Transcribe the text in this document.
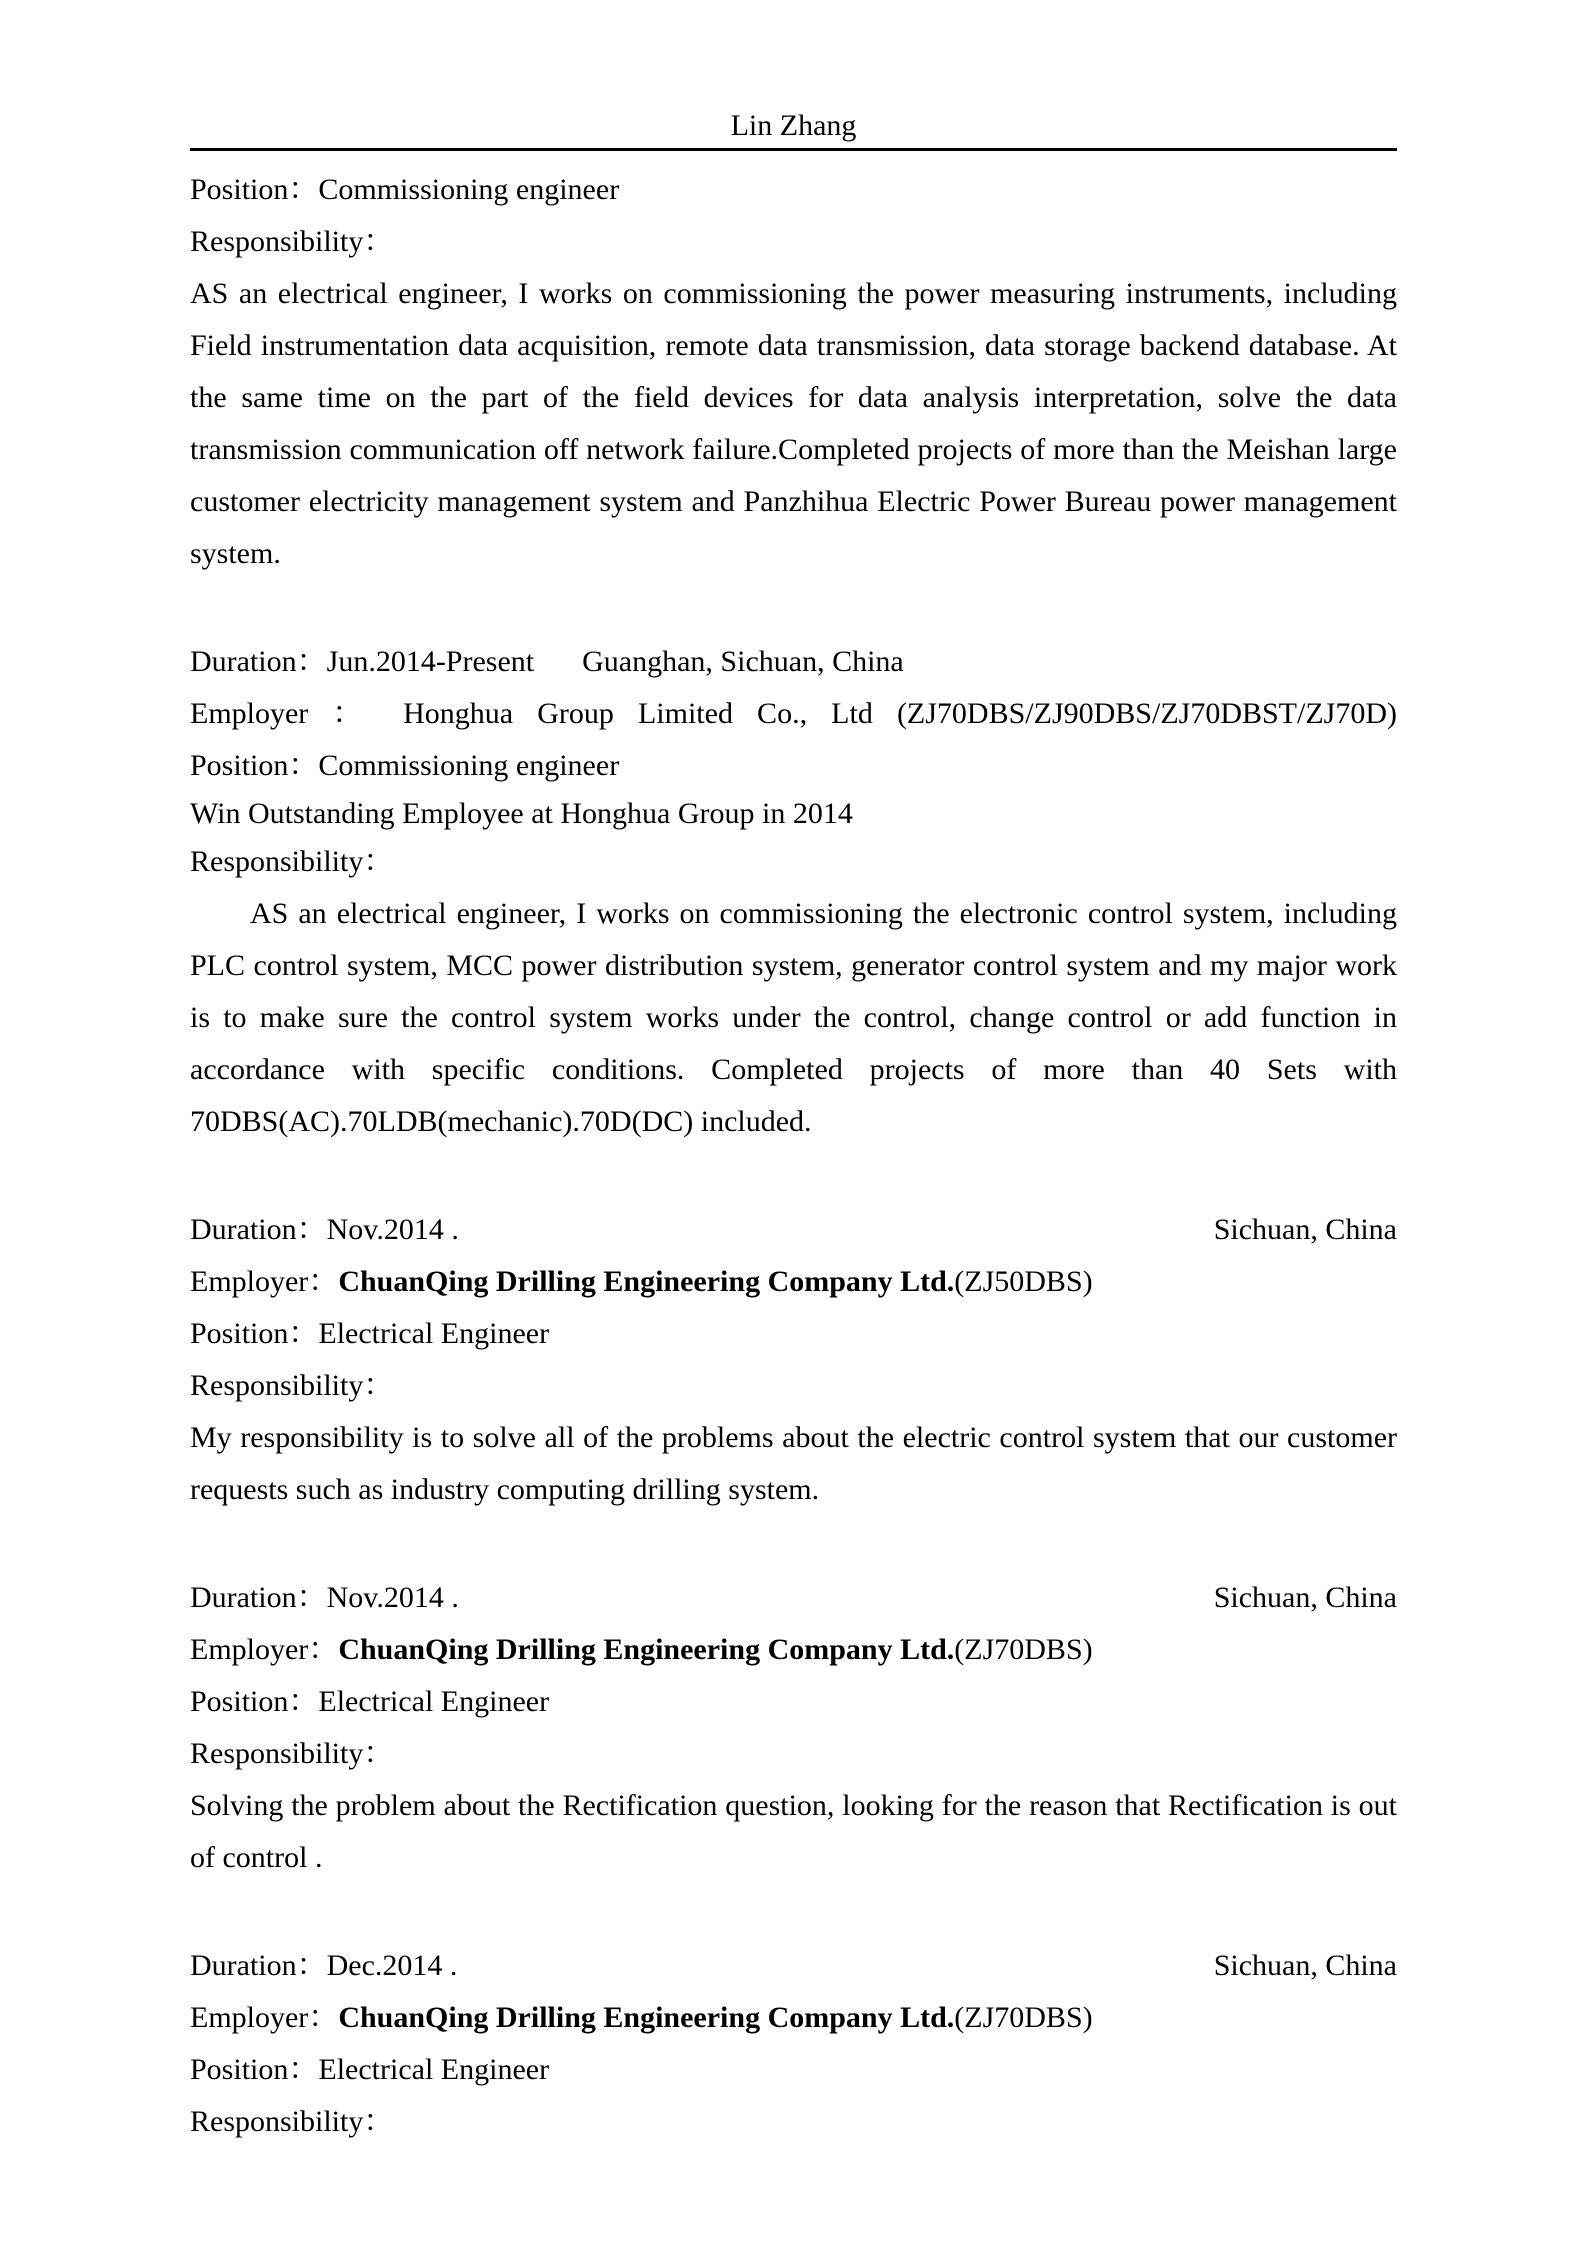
Lin Zhang

Position：Commissioning engineer

Responsibility：

AS an electrical engineer, I works on commissioning the power measuring instruments, including Field instrumentation data acquisition, remote data transmission, data storage backend database. At the same time on the part of the field devices for data analysis interpretation, solve the data transmission communication off network failure.Completed projects of more than the Meishan large customer electricity management system and Panzhihua Electric Power Bureau power management system.

Duration：Jun.2014-Present Guanghan, Sichuan, China

Employer ： Honghua Group Limited Co., Ltd (ZJ70DBS/ZJ90DBS/ZJ70DBST/ZJ70D)

Position：Commissioning engineer

Win Outstanding Employee at Honghua Group in 2014

Responsibility：

AS an electrical engineer, I works on commissioning the electronic control system, including PLC control system, MCC power distribution system, generator control system and my major work is to make sure the control system works under the control, change control or add function in accordance with specific conditions. Completed projects of more than 40 Sets with 70DBS(AC).70LDB(mechanic).70D(DC) included.

Duration：Nov.2014 .	Sichuan, China

Employer：ChuanQing Drilling Engineering Company Ltd.(ZJ50DBS)

Position：Electrical Engineer

Responsibility：

My responsibility is to solve all of the problems about the electric control system that our customer requests such as industry computing drilling system.

Duration：Nov.2014 .	Sichuan, China

Employer：ChuanQing Drilling Engineering Company Ltd.(ZJ70DBS)

Position：Electrical Engineer

Responsibility：

Solving the problem about the Rectification question, looking for the reason that Rectification is out of control .

Duration：Dec.2014 .	Sichuan, China

Employer：ChuanQing Drilling Engineering Company Ltd.(ZJ70DBS)

Position：Electrical Engineer

Responsibility：
